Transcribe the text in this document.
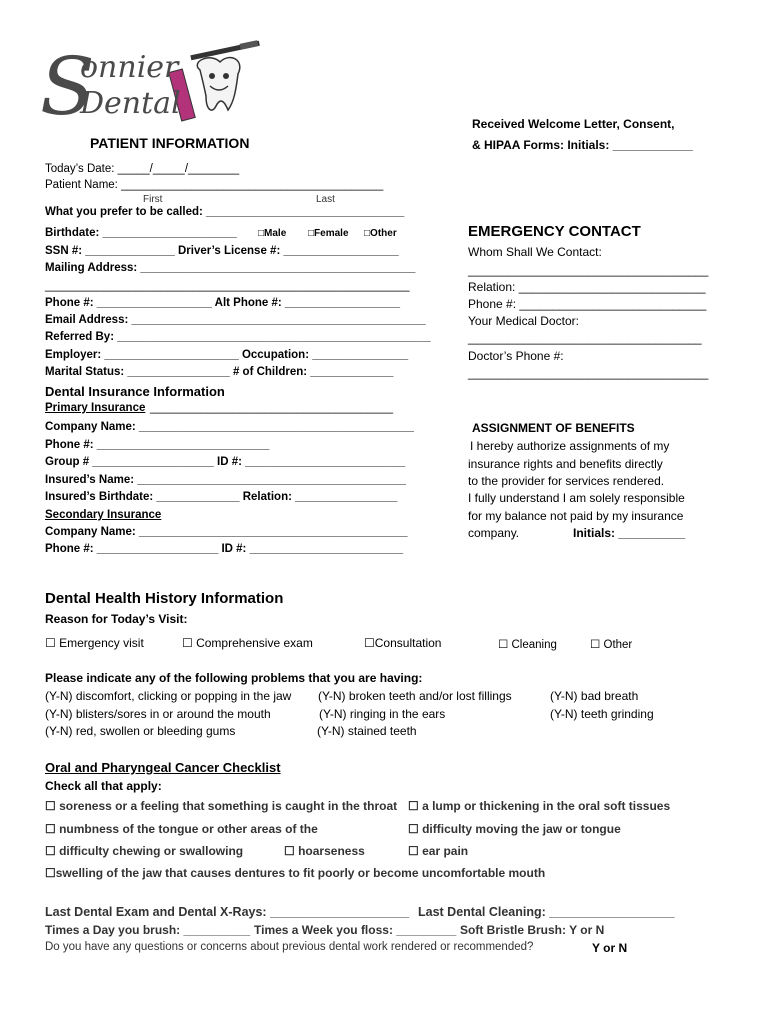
S
onnier
Dental
Received Welcome Letter, Consent,
& HIPAA Forms: Initials: ____________
PATIENT INFORMATION
Today’s Date: _____/_____/________
Patient Name: _________________________________________
First	Last
What you prefer to be called: _______________________________
Birthdate: _____________________ □Male □Female □Other
SSN #: ______________ Driver’s License #: __________________
Mailing Address: ___________________________________________
_________________________________________________________
Phone #: __________________ Alt Phone #: __________________
Email Address: ______________________________________________
Referred By: _________________________________________________
Employer: _____________________ Occupation: _______________
Marital Status: ________________ # of Children: _____________
Dental Insurance Information
Primary Insurance ______________________________________
Company Name: ___________________________________________
Phone #: ___________________________
Group # ___________________ ID #: _________________________
Insured’s Name: __________________________________________
Insured’s Birthdate: _____________ Relation: ________________
Secondary Insurance
Company Name: __________________________________________
Phone #: ___________________ ID #: ________________________
EMERGENCY CONTACT
Whom Shall We Contact:
____________________________________
Relation: ____________________________
Phone #: ____________________________
Your Medical Doctor:
___________________________________
Doctor’s Phone #:
____________________________________
ASSIGNMENT OF BENEFITS
I hereby authorize assignments of my
insurance rights and benefits directly
to the provider for services rendered.
I fully understand I am solely responsible
for my balance not paid by my insurance
company.	Initials: __________
Dental Health History Information
Reason for Today’s Visit:
☐ Emergency visit	☐ Comprehensive exam	☐Consultation	☐ Cleaning	☐ Other
Please indicate any of the following problems that you are having:
(Y-N) discomfort, clicking or popping in the jaw (Y-N) broken teeth and/or lost fillings	(Y-N) bad breath
(Y-N) blisters/sores in or around the mouth	(Y-N) ringing in the ears	(Y-N) teeth grinding
(Y-N) red, swollen or bleeding gums	(Y-N) stained teeth
Oral and Pharyngeal Cancer Checklist
Check all that apply:
☐ soreness or a feeling that something is caught in the throat ☐ a lump or thickening in the oral soft tissues
☐ numbness of the tongue or other areas of the	☐ difficulty moving the jaw or tongue
☐ difficulty chewing or swallowing	☐ hoarseness	☐ ear pain
☐swelling of the jaw that causes dentures to fit poorly or become uncomfortable mouth
Last Dental Exam and Dental X-Rays: ____________________ Last Dental Cleaning: __________________
Times a Day you brush: __________ Times a Week you floss: _________ Soft Bristle Brush: Y or N
Do you have any questions or concerns about previous dental work rendered or recommended?	Y or N
